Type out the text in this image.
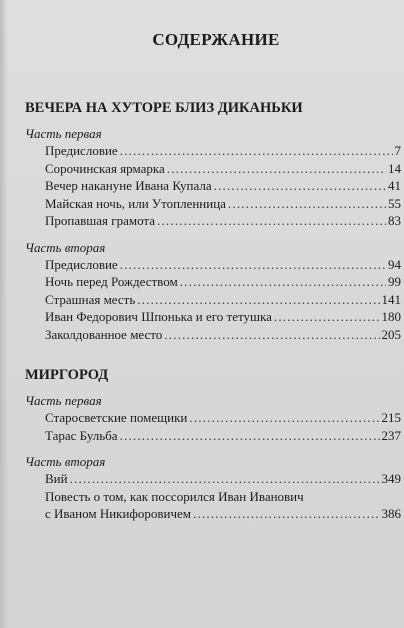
СОДЕРЖАНИЕ
ВЕЧЕРА НА ХУТОРЕ БЛИЗ ДИКАНЬКИ
Часть первая
Предисловие .....	7
Сорочинская ярмарка .....	14
Вечер накануне Ивана Купала .....	41
Майская ночь, или Утопленница .....	55
Пропавшая грамота .....	83
Часть вторая
Предисловие .....	94
Ночь перед Рождеством .....	99
Страшная месть .....	141
Иван Федорович Шпонька и его тетушка .....	180
Заколдованное место .....	205
МИРГОРОД
Часть первая
Старосветские помещики .....	215
Тарас Бульба .....	237
Часть вторая
Вий .....	349
Повесть о том, как поссорился Иван Иванович
с Иваном Никифоровичем .....	386
